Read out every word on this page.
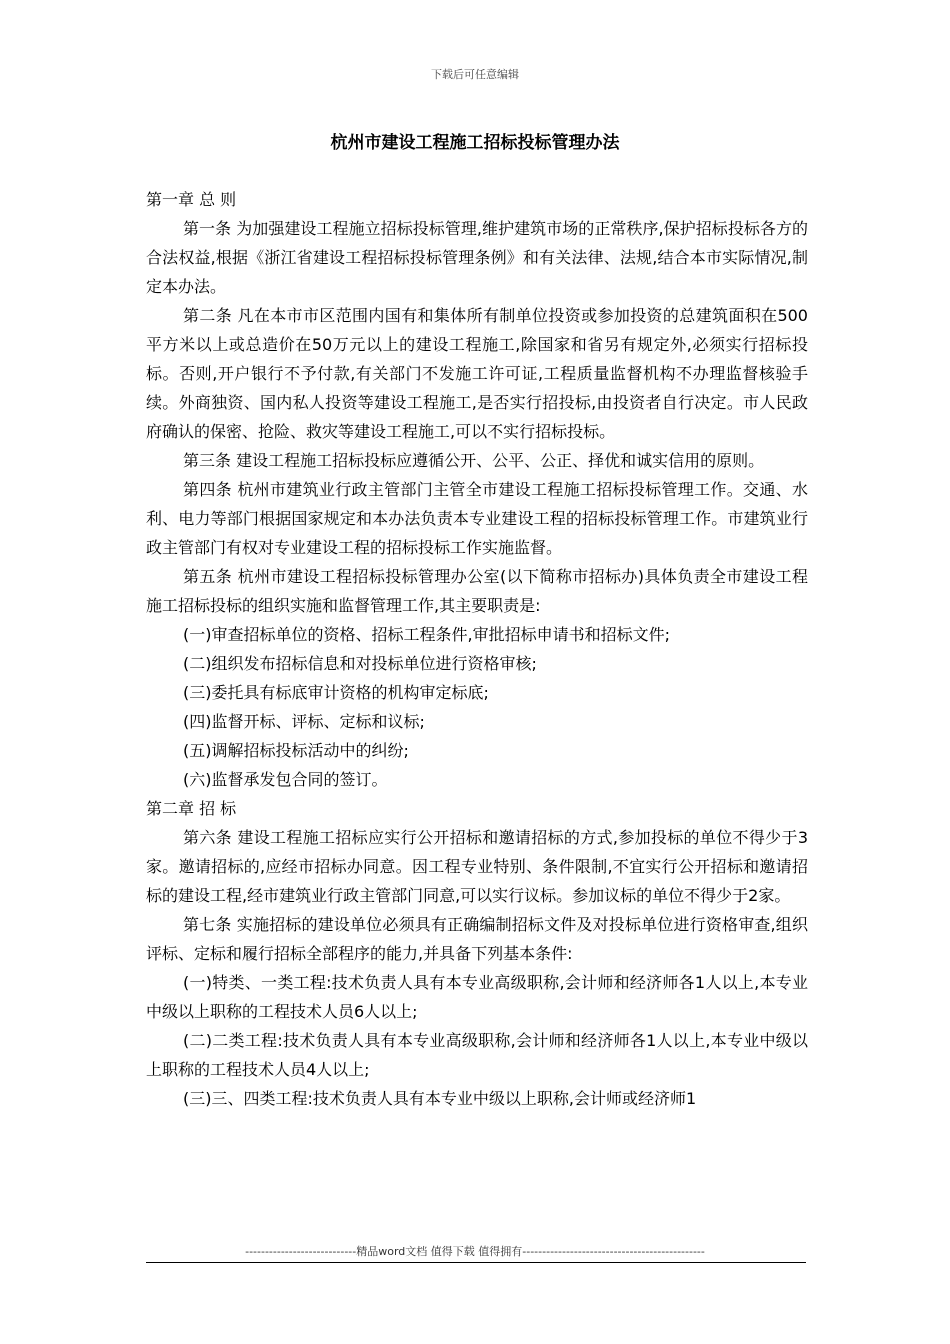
下载后可任意编辑
杭州市建设工程施工招标投标管理办法

第一章 总 则

第一条 为加强建设工程施立招标投标管理,维护建筑市场的正常秩序,保护招标投标各方的合法权益,根据《浙江省建设工程招标投标管理条例》和有关法律、法规,结合本市实际情况,制定本办法。

第二条 凡在本市市区范围内国有和集体所有制单位投资或参加投资的总建筑面积在500平方米以上或总造价在50万元以上的建设工程施工,除国家和省另有规定外,必须实行招标投标。否则,开户银行不予付款,有关部门不发施工许可证,工程质量监督机构不办理监督核验手续。外商独资、国内私人投资等建设工程施工,是否实行招投标,由投资者自行决定。市人民政府确认的保密、抢险、救灾等建设工程施工,可以不实行招标投标。

第三条 建设工程施工招标投标应遵循公开、公平、公正、择优和诚实信用的原则。

第四条 杭州市建筑业行政主管部门主管全市建设工程施工招标投标管理工作。交通、水利、电力等部门根据国家规定和本办法负责本专业建设工程的招标投标管理工作。市建筑业行政主管部门有权对专业建设工程的招标投标工作实施监督。

第五条 杭州市建设工程招标投标管理办公室(以下简称市招标办)具体负责全市建设工程施工招标投标的组织实施和监督管理工作,其主要职责是:

(一)审查招标单位的资格、招标工程条件,审批招标申请书和招标文件;

(二)组织发布招标信息和对投标单位进行资格审核;

(三)委托具有标底审计资格的机构审定标底;

(四)监督开标、评标、定标和议标;

(五)调解招标投标活动中的纠纷;

(六)监督承发包合同的签订。

第二章 招 标

第六条 建设工程施工招标应实行公开招标和邀请招标的方式,参加投标的单位不得少于3家。邀请招标的,应经市招标办同意。因工程专业特别、条件限制,不宜实行公开招标和邀请招标的建设工程,经市建筑业行政主管部门同意,可以实行议标。参加议标的单位不得少于2家。

第七条 实施招标的建设单位必须具有正确编制招标文件及对投标单位进行资格审查,组织评标、定标和履行招标全部程序的能力,并具备下列基本条件:

(一)特类、一类工程:技术负责人具有本专业高级职称,会计师和经济师各1人以上,本专业中级以上职称的工程技术人员6人以上;

(二)二类工程:技术负责人具有本专业高级职称,会计师和经济师各1人以上,本专业中级以上职称的工程技术人员4人以上;

(三)三、四类工程:技术负责人具有本专业中级以上职称,会计师或经济师1

----------------------------精品word文档 值得下载 值得拥有----------------------------------------------
